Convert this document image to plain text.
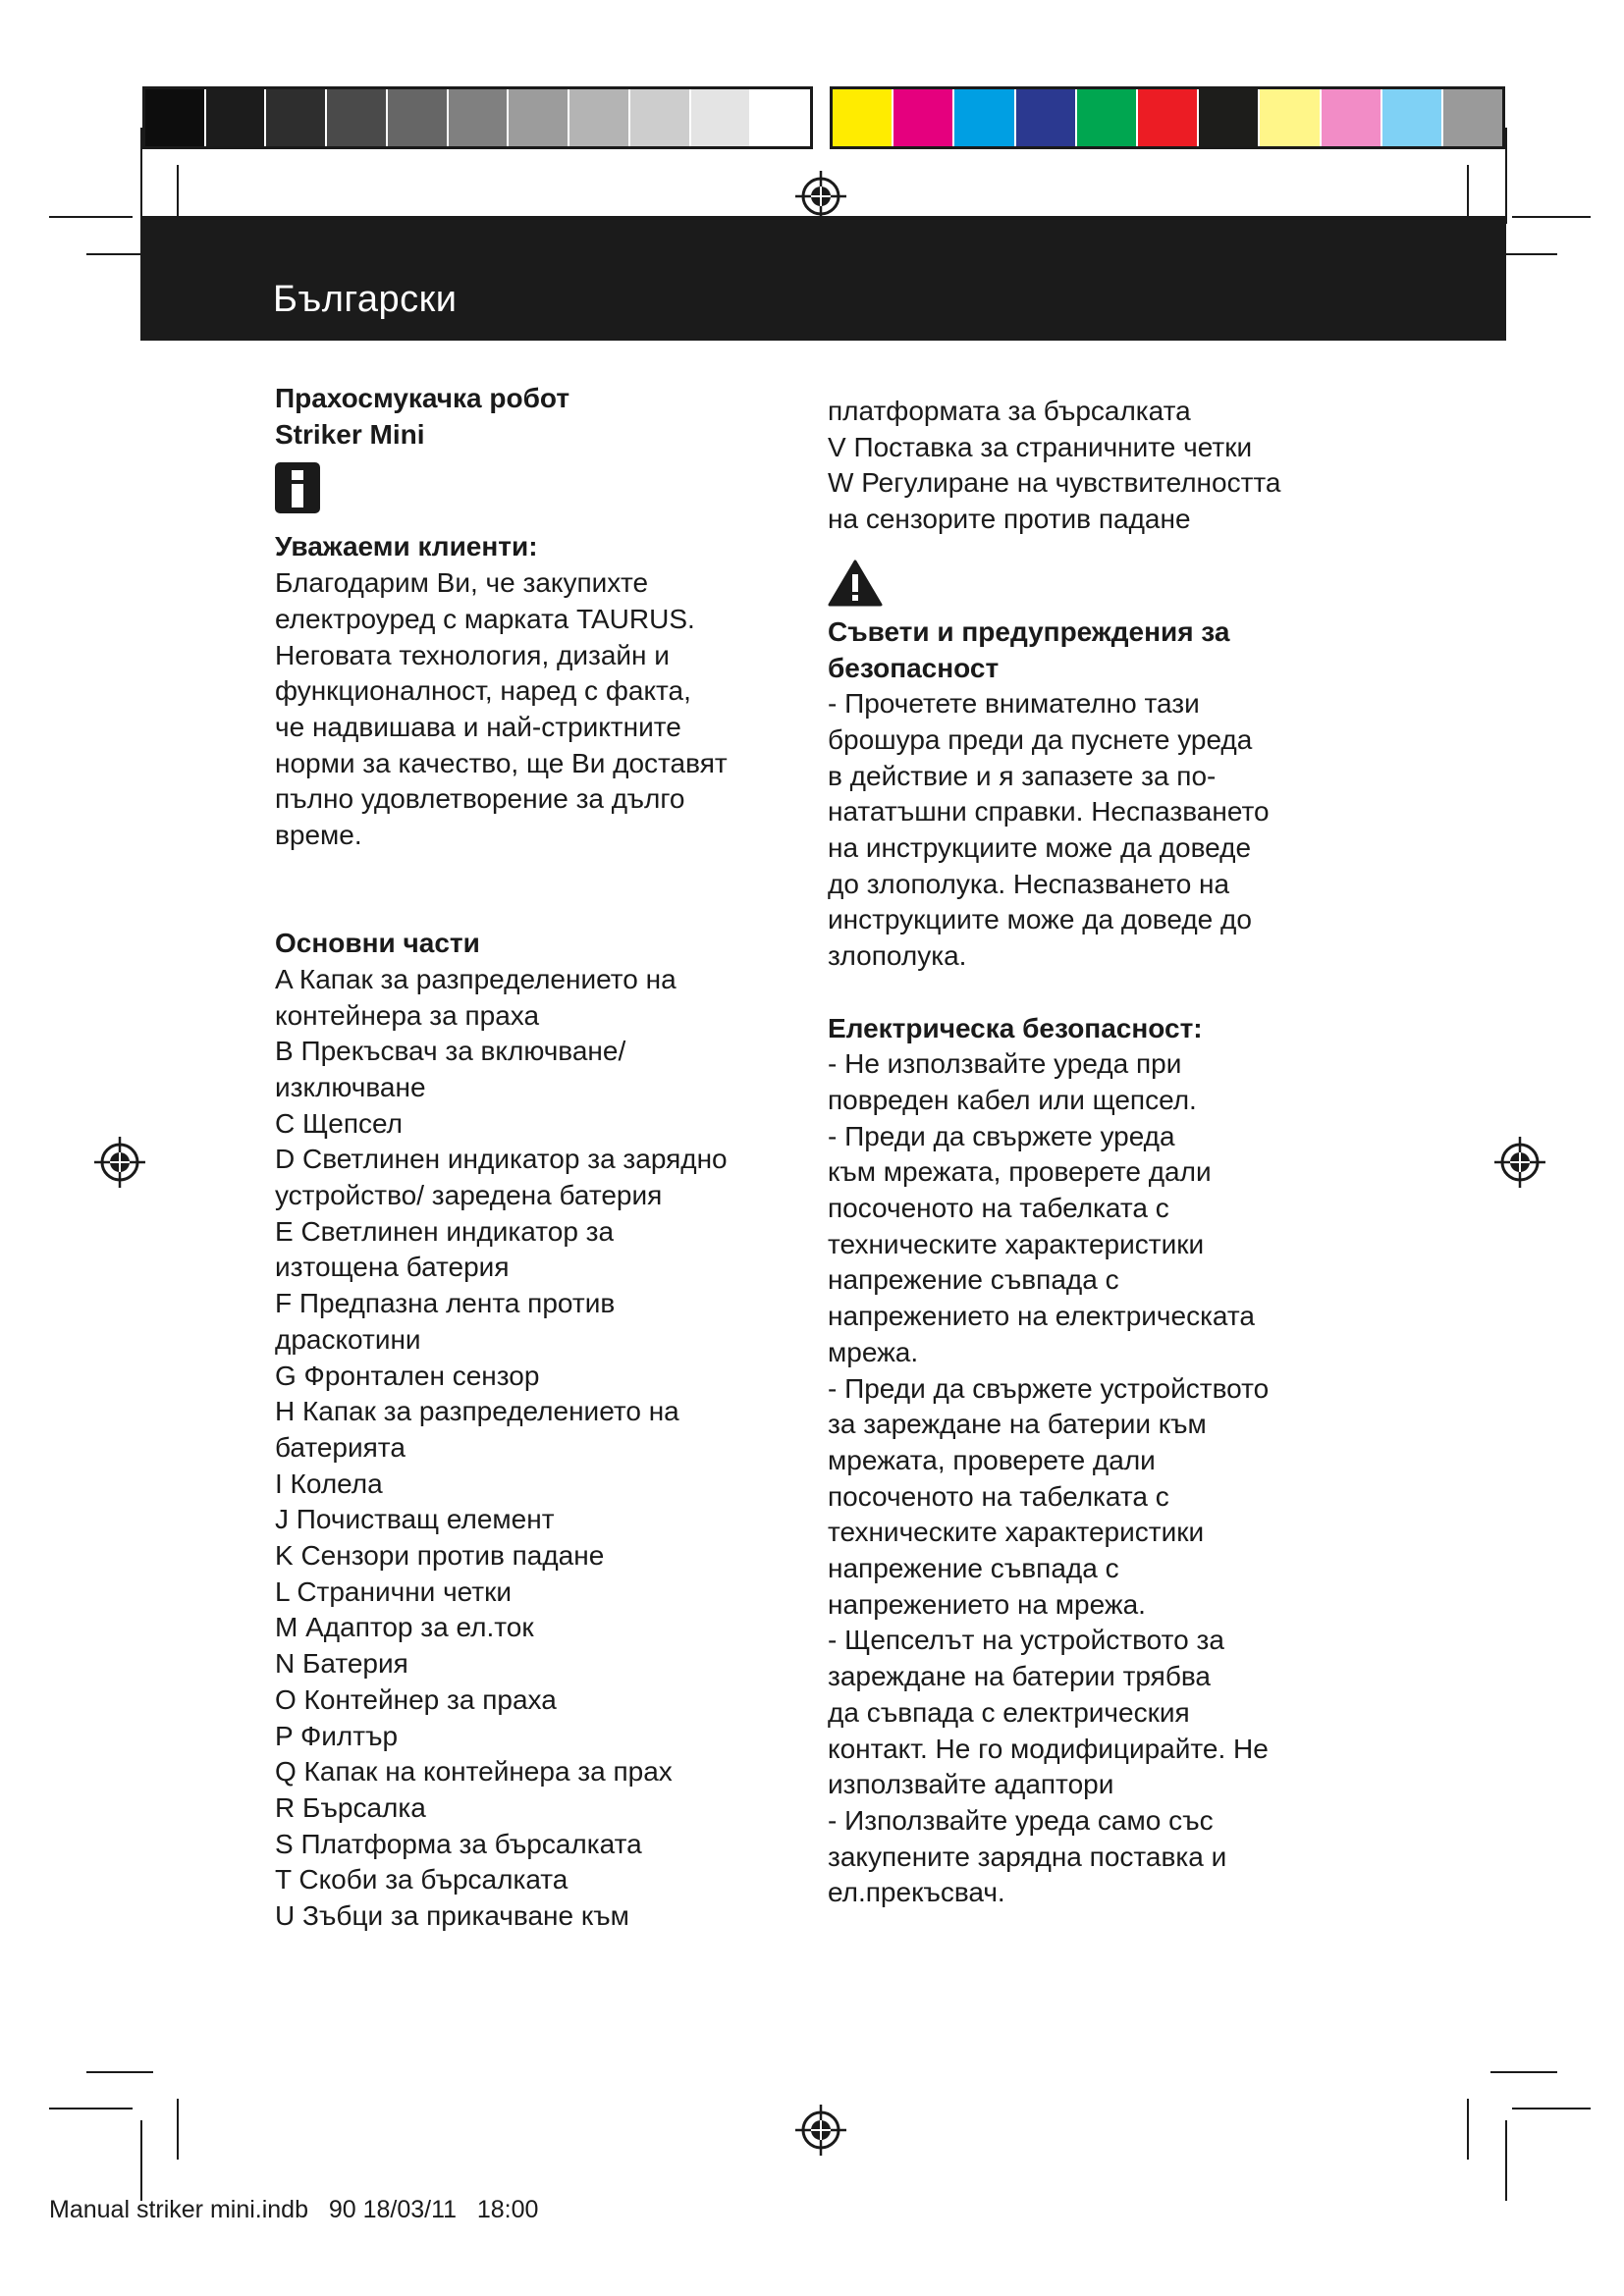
Български

Прахосмукачка робот

Striker Mini

Уважаеми клиенти:

Благодарим Ви, че закупихте

електроуред с марката TAURUS.

Неговата технология, дизайн и

функционалност, наред с факта,

че надвишава и най-стриктните

норми за качество, ще Ви доставят

пълно удовлетворение за дълго

време.

Основни части

A Капак за разпределението на

контейнера за праха

B Прекъсвач за включване/

изключване

C Щепсел

D Светлинен индикатор за зарядно

устройство/ заредена батерия

E Светлинен индикатор за

изтощена батерия

F Предпазна лента против

драскотини

G Фронтален сензор

H Капак за разпределението на

батерията

I Колела

J Почистващ елемент

K Сензори против падане

L Странични четки

M Адаптор за ел.ток

N Батерия

O Контейнер за праха

P Филтър

Q Капак на контейнера за прах

R Бърсалка

S Платформа за бърсалката

T Скоби за бърсалката

U Зъбци за прикачване към

платформата за бърсалката

V Поставка за страничните четки

W Регулиране на чувствителността

на сензорите против падане

Съвети и предупреждения за

безопасност

- Прочетете внимателно тази

брошура преди да пуснете уреда

в действие и я запазете за по-

нататъшни справки. Неспазването

на инструкциите може да доведе

до злополука. Неспазването на

инструкциите може да доведе до

злополука.

Електрическа безопасност:

- Не използвайте уреда при

повреден кабел или щепсел.

- Преди да свържете уреда

към мрежата, проверете дали

посоченото на табелката с

техническите характеристики

напрежение съвпада с

напрежението на електрическата

мрежа.

- Преди да свържете устройството

за зареждане на батерии към

мрежата, проверете дали

посоченото на табелката с

техническите характеристики

напрежение съвпада с

напрежението на мрежа.

- Щепселът на устройството за

зареждане на батерии трябва

да съвпада с електрическия

контакт. Не го модифицирайте. Не

използвайте адаптори

- Използвайте уреда само със

закупените зарядна поставка и

ел.прекъсвач.

Manual striker mini.indb   90 18/03/11   18:00
